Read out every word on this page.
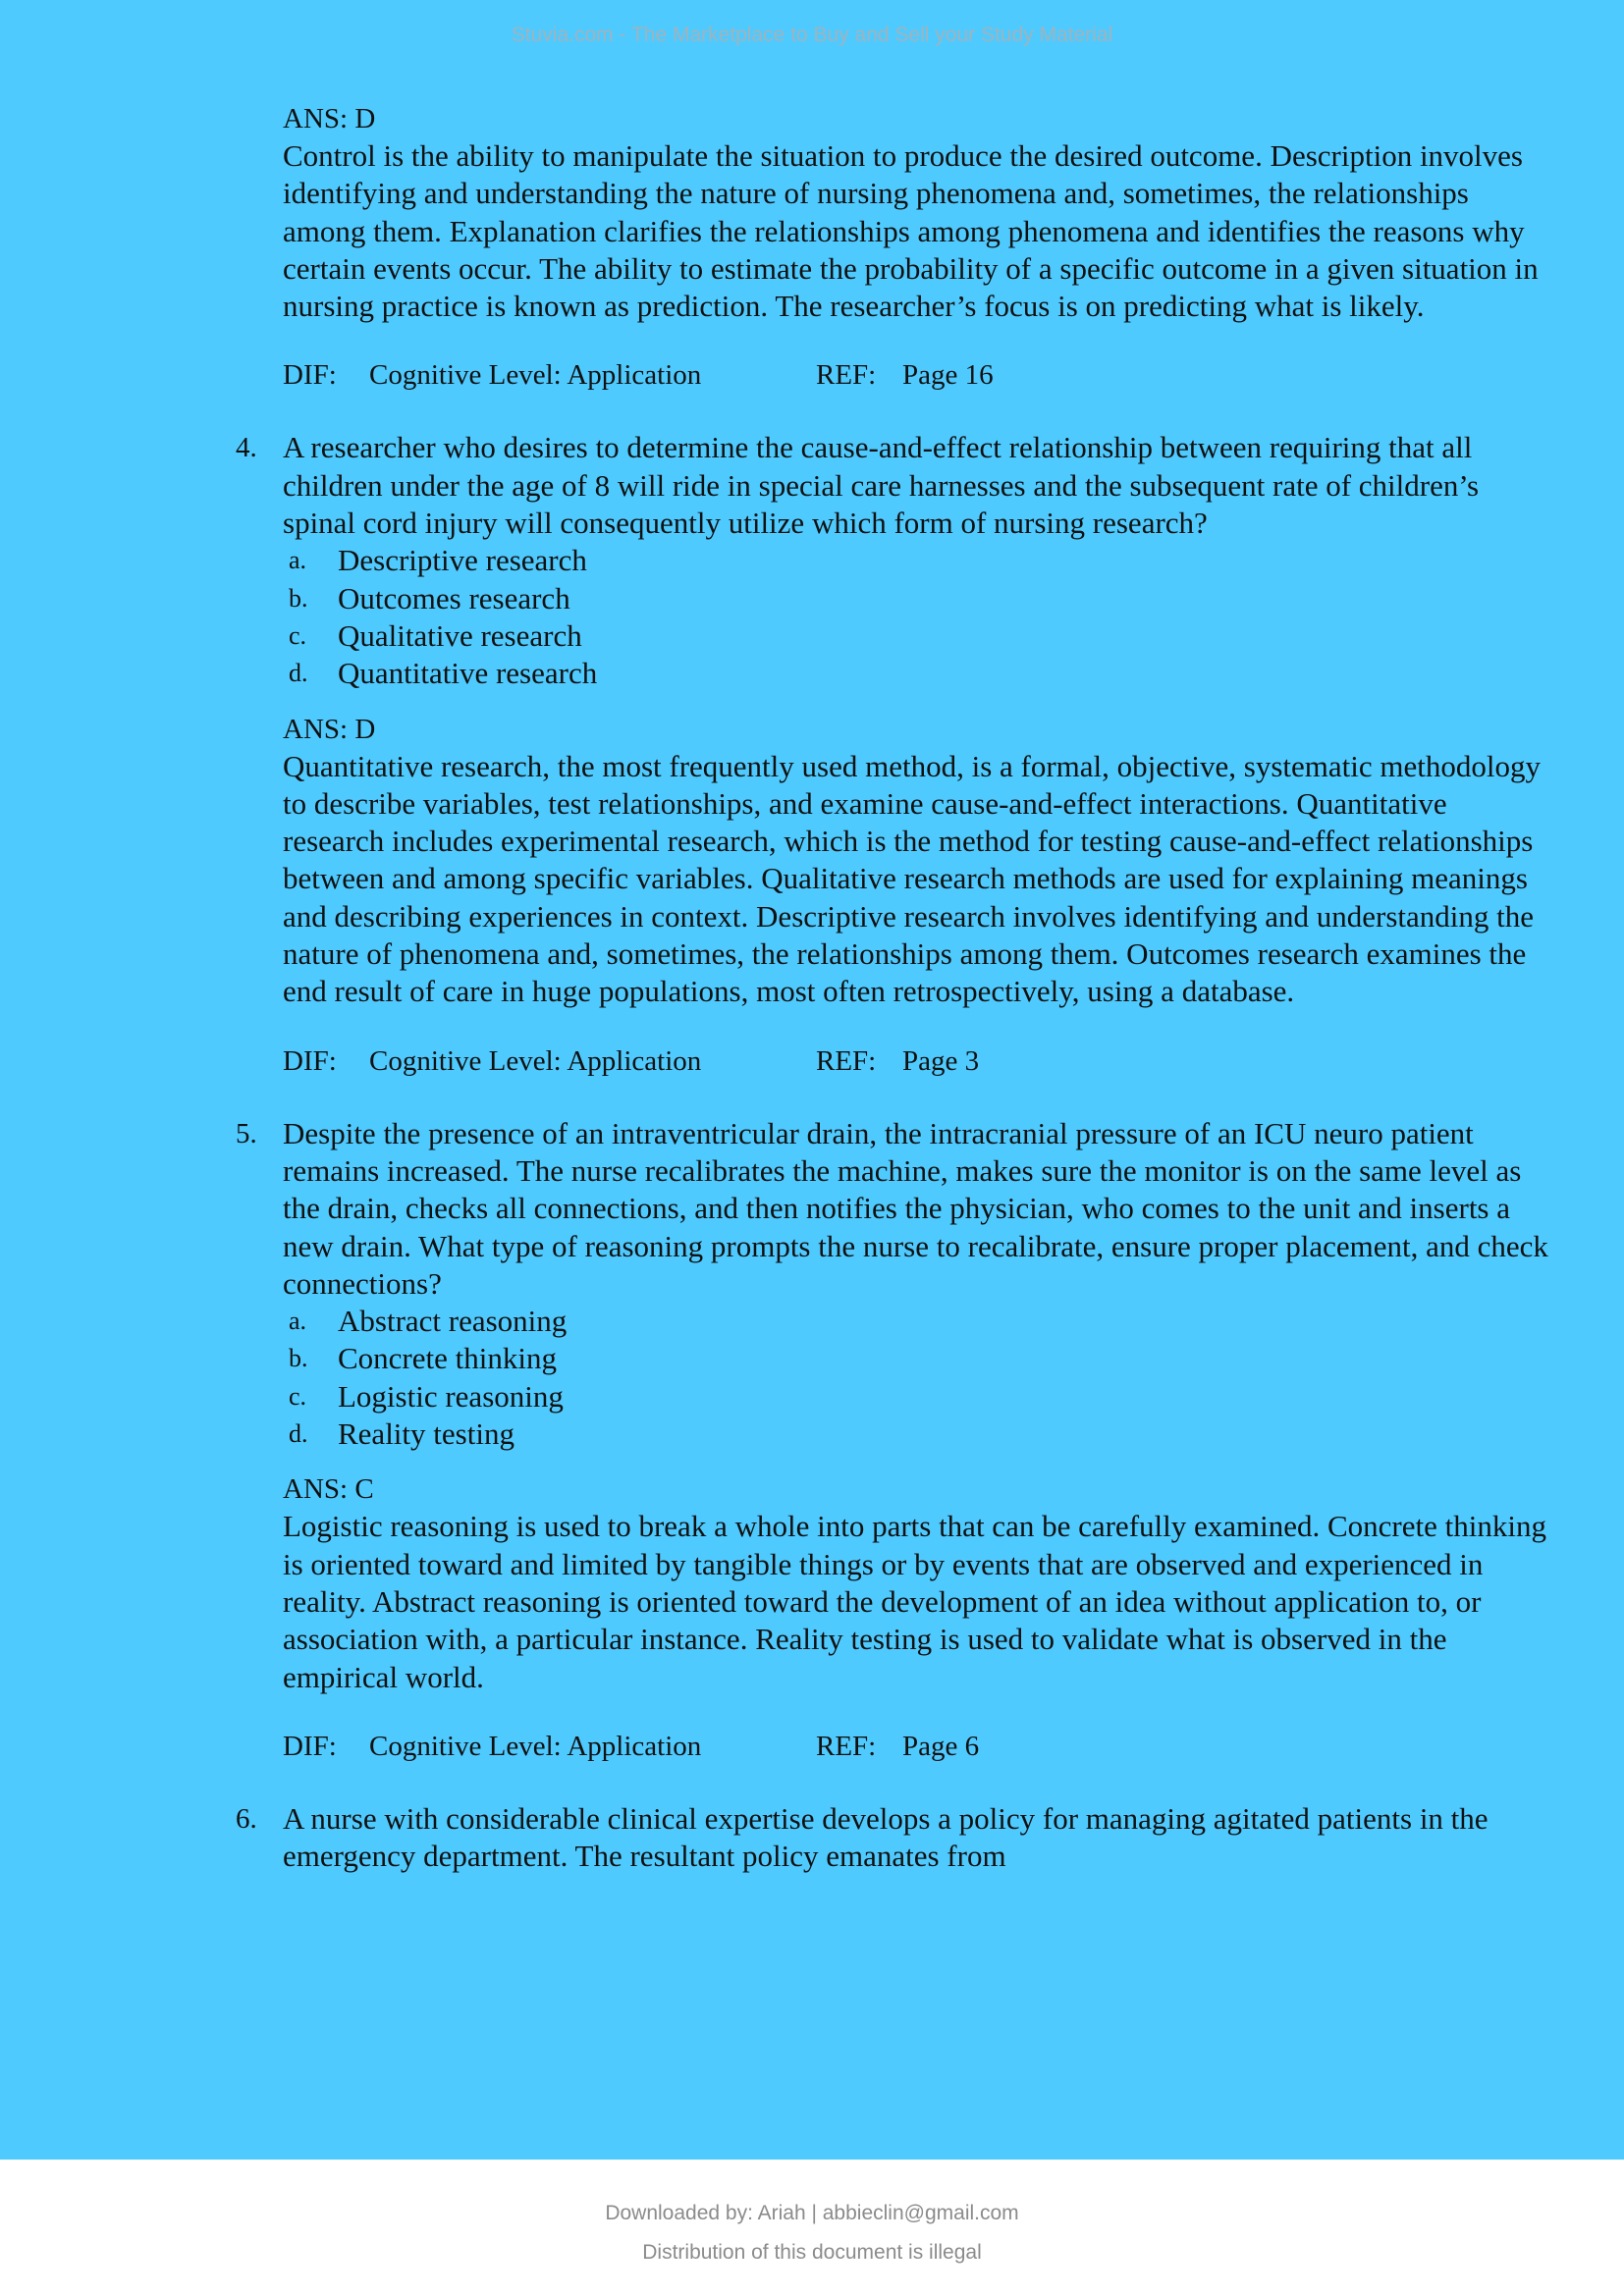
Stuvia.com - The Marketplace to Buy and Sell your Study Material

ANS: D

Control is the ability to manipulate the situation to produce the desired outcome. Description involves identifying and understanding the nature of nursing phenomena and, sometimes, the relationships among them. Explanation clarifies the relationships among phenomena and identifies the reasons why certain events occur. The ability to estimate the probability of a specific outcome in a given situation in nursing practice is known as prediction. The researcher’s focus is on predicting what is likely.

DIF: Cognitive Level: Application	REF: Page 16
4. A researcher who desires to determine the cause-and-effect relationship between requiring that all children under the age of 8 will ride in special care harnesses and the subsequent rate of children’s spinal cord injury will consequently utilize which form of nursing research?

a. Descriptive research
b. Outcomes research
c. Qualitative research
d. Quantitative research

ANS: D

Quantitative research, the most frequently used method, is a formal, objective, systematic methodology to describe variables, test relationships, and examine cause-and-effect interactions. Quantitative research includes experimental research, which is the method for testing cause-and-effect relationships between and among specific variables. Qualitative research methods are used for explaining meanings and describing experiences in context. Descriptive research involves identifying and understanding the nature of phenomena and, sometimes, the relationships among them. Outcomes research examines the end result of care in huge populations, most often retrospectively, using a database.

DIF: Cognitive Level: Application	REF: Page 3
5. Despite the presence of an intraventricular drain, the intracranial pressure of an ICU neuro patient remains increased. The nurse recalibrates the machine, makes sure the monitor is on the same level as the drain, checks all connections, and then notifies the physician, who comes to the unit and inserts a new drain. What type of reasoning prompts the nurse to recalibrate, ensure proper placement, and check connections?

a. Abstract reasoning
b. Concrete thinking
c. Logistic reasoning
d. Reality testing

ANS: C

Logistic reasoning is used to break a whole into parts that can be carefully examined. Concrete thinking is oriented toward and limited by tangible things or by events that are observed and experienced in reality. Abstract reasoning is oriented toward the development of an idea without application to, or association with, a particular instance. Reality testing is used to validate what is observed in the empirical world.

DIF: Cognitive Level: Application	REF: Page 6
6. A nurse with considerable clinical expertise develops a policy for managing agitated patients in the emergency department. The resultant policy emanates from

Downloaded by: Ariah | abbieclin@gmail.com
Distribution of this document is illegal
